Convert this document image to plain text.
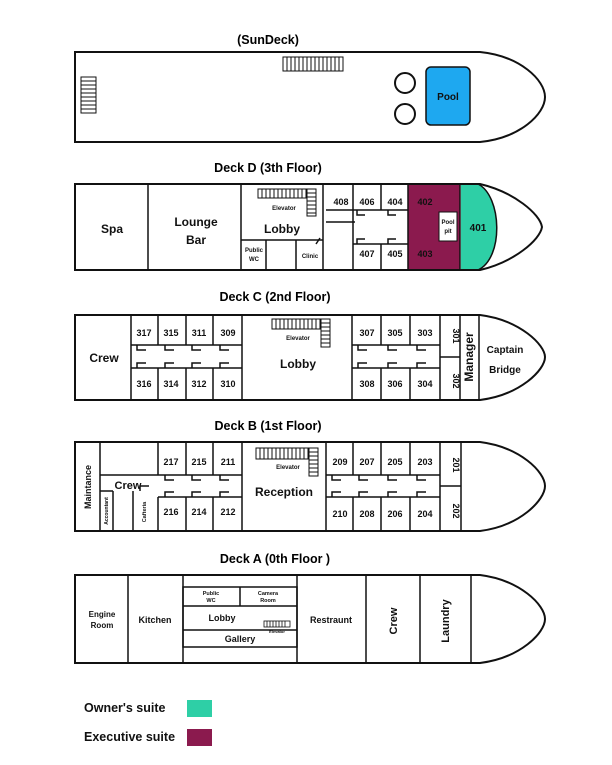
(SunDeck)
Pool
Deck D (3th Floor)
Spa	Lounge
Bar
Elevator
Lobby
Public
WC	Clinic
408 406 404 402
Pool
pit
407 405 403
401
Deck C (2nd Floor)
Crew
317 315 311 309
316 314 312 310
Elevator
Lobby
307 305 303
308 306 304
301
302 Manager Captain
Bridge
Deck B (1st Floor)
Maintance Crew
Accountant	Cafteria
217 215 211
216 214 212
Elevator
Reception
209 207 205 203
210 208 206 204
201
202
Deck A (0th Floor )
Engine
Room
Kitchen
Public
WC
Camera
Room
Lobby
Elevator
Gallery
Restraunt	Crew	Laundry
Owner's suite
Executive suite
